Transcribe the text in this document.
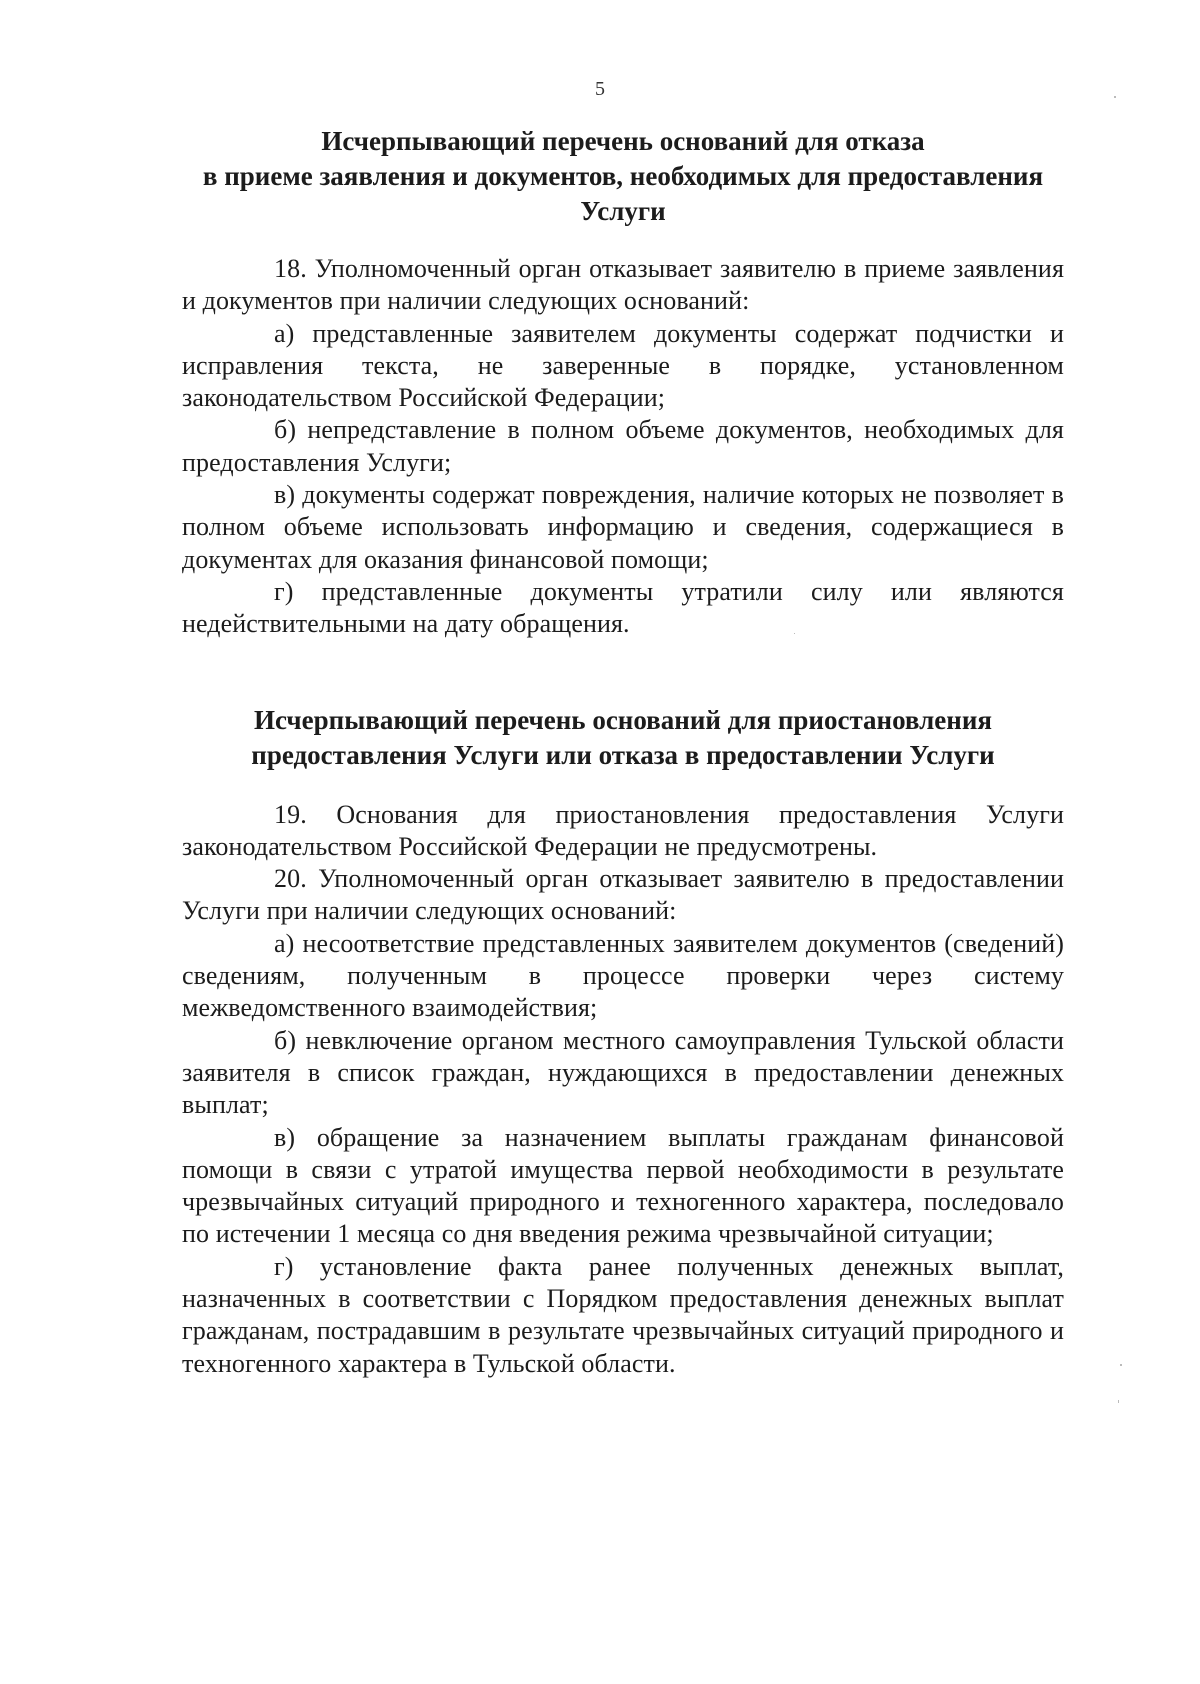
5
Исчерпывающий перечень оснований для отказа
в приеме заявления и документов, необходимых для предоставления
Услуги

18. Уполномоченный орган отказывает заявителю в приеме заявления и документов при наличии следующих оснований:

а) представленные заявителем документы содержат подчистки и исправления текста, не заверенные в порядке, установленном законодательством Российской Федерации;

б) непредставление в полном объеме документов, необходимых для предоставления Услуги;

в) документы содержат повреждения, наличие которых не позволяет в полном объеме использовать информацию и сведения, содержащиеся в документах для оказания финансовой помощи;

г) представленные документы утратили силу или являются недействительными на дату обращения.

Исчерпывающий перечень оснований для приостановления
предоставления Услуги или отказа в предоставлении Услуги

19. Основания для приостановления предоставления Услуги законодательством Российской Федерации не предусмотрены.

20. Уполномоченный орган отказывает заявителю в предоставлении Услуги при наличии следующих оснований:

а) несоответствие представленных заявителем документов (сведений) сведениям, полученным в процессе проверки через систему межведомственного взаимодействия;

б) невключение органом местного самоуправления Тульской области заявителя в список граждан, нуждающихся в предоставлении денежных выплат;

в) обращение за назначением выплаты гражданам финансовой помощи в связи с утратой имущества первой необходимости в результате чрезвычайных ситуаций природного и техногенного характера, последовало по истечении 1 месяца со дня введения режима чрезвычайной ситуации;

г) установление факта ранее полученных денежных выплат, назначенных в соответствии с Порядком предоставления денежных выплат гражданам, пострадавшим в результате чрезвычайных ситуаций природного и техногенного характера в Тульской области.
